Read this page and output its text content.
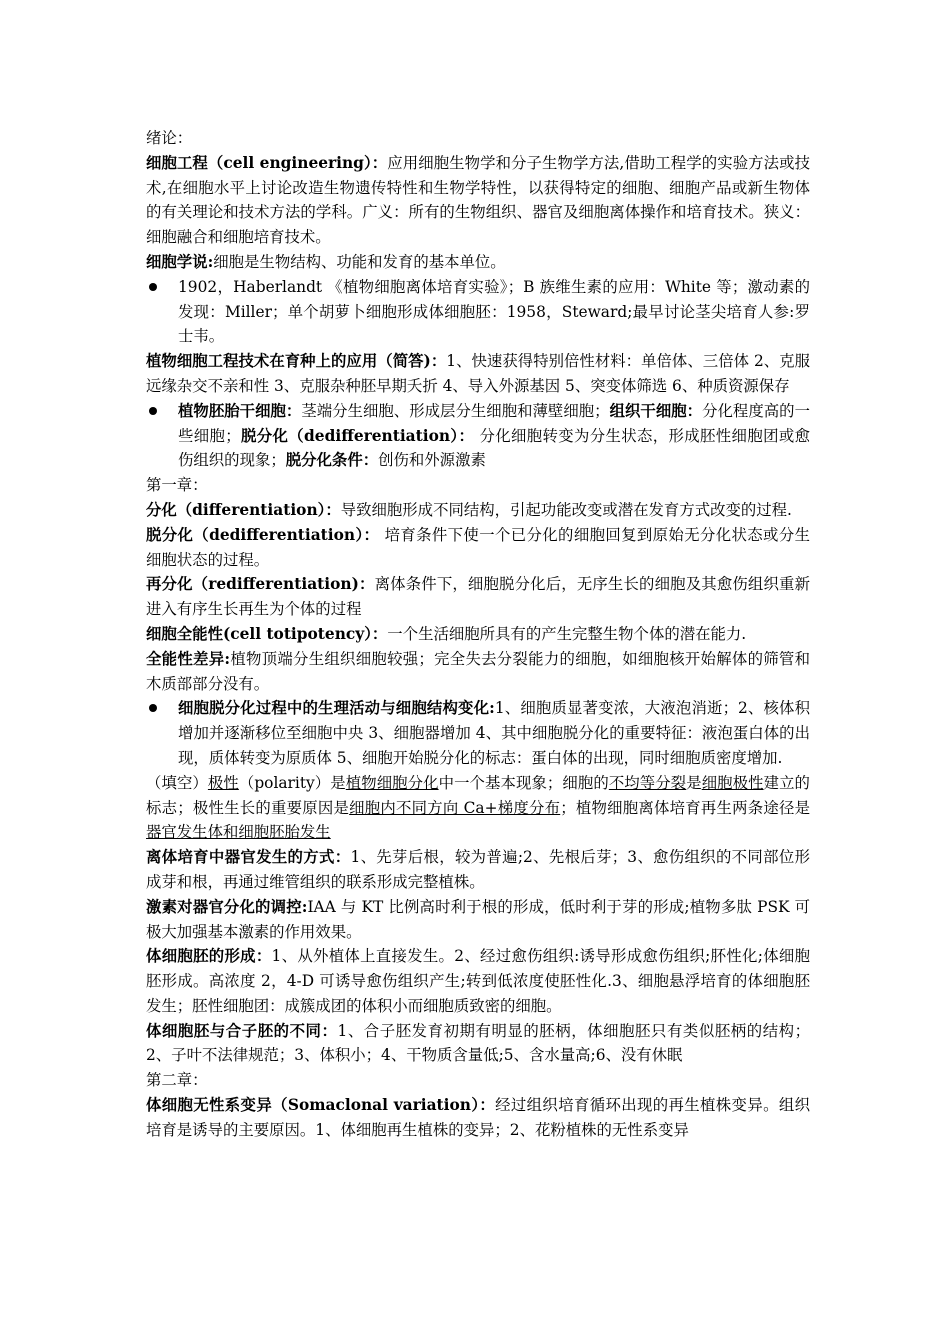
绪论：

细胞工程（cell engineering）：应用细胞生物学和分子生物学方法,借助工程学的实验方法或技术,在细胞水平上讨论改造生物遗传特性和生物学特性，以获得特定的细胞、细胞产品或新生物体的有关理论和技术方法的学科。广义：所有的生物组织、器官及细胞离体操作和培育技术。狭义：细胞融合和细胞培育技术。

细胞学说:细胞是生物结构、功能和发育的基本单位。

1902，Haberlandt 《植物细胞离体培育实验》；B 族维生素的应用：White 等；激动素的发现：Miller；单个胡萝卜细胞形成体细胞胚：1958，Steward;最早讨论茎尖培育人参:罗士韦。

植物细胞工程技术在育种上的应用（简答)：1、快速获得特别倍性材料：单倍体、三倍体 2、克服远缘杂交不亲和性 3、克服杂种胚早期夭折 4、导入外源基因 5、突变体筛选 6、种质资源保存

植物胚胎干细胞：茎端分生细胞、形成层分生细胞和薄壁细胞；组织干细胞：分化程度高的一些细胞；脱分化（dedifferentiation）： 分化细胞转变为分生状态，形成胚性细胞团或愈伤组织的现象；脱分化条件：创伤和外源激素

第一章：

分化（differentiation）：导致细胞形成不同结构，引起功能改变或潜在发育方式改变的过程.

脱分化（dedifferentiation）： 培育条件下使一个已分化的细胞回复到原始无分化状态或分生细胞状态的过程。

再分化（redifferentiation)：离体条件下，细胞脱分化后，无序生长的细胞及其愈伤组织重新进入有序生长再生为个体的过程

细胞全能性(cell totipotency）：一个生活细胞所具有的产生完整生物个体的潜在能力.

全能性差异:植物顶端分生组织细胞较强；完全失去分裂能力的细胞，如细胞核开始解体的筛管和木质部部分没有。

细胞脱分化过程中的生理活动与细胞结构变化:1、细胞质显著变浓，大液泡消逝；2、核体积增加并逐渐移位至细胞中央 3、细胞器增加 4、其中细胞脱分化的重要特征：液泡蛋白体的出现，质体转变为原质体 5、细胞开始脱分化的标志：蛋白体的出现，同时细胞质密度增加.

（填空）极性（polarity）是植物细胞分化中一个基本现象；细胞的不均等分裂是细胞极性建立的标志；极性生长的重要原因是细胞内不同方向 Ca+梯度分布；植物细胞离体培育再生两条途径是器官发生体和细胞胚胎发生

离体培育中器官发生的方式：1、先芽后根，较为普遍;2、先根后芽；3、愈伤组织的不同部位形成芽和根，再通过维管组织的联系形成完整植株。

激素对器官分化的调控:IAA 与 KT 比例高时利于根的形成，低时利于芽的形成;植物多肽 PSK 可极大加强基本激素的作用效果。

体细胞胚的形成：1、从外植体上直接发生。2、经过愈伤组织:诱导形成愈伤组织;肧性化;体细胞胚形成。高浓度 2，4-D 可诱导愈伤组织产生;转到低浓度使胚性化.3、细胞悬浮培育的体细胞胚发生；胚性细胞团：成簇成团的体积小而细胞质致密的细胞。

体细胞胚与合子胚的不同：1、合子胚发育初期有明显的胚柄，体细胞胚只有类似胚柄的结构；2、子叶不法律规范；3、体积小；4、干物质含量低;5、含水量高;6、没有休眠

第二章：

体细胞无性系变异（Somaclonal variation）：经过组织培育循环出现的再生植株变异。组织培育是诱导的主要原因。1、体细胞再生植株的变异；2、花粉植株的无性系变异
